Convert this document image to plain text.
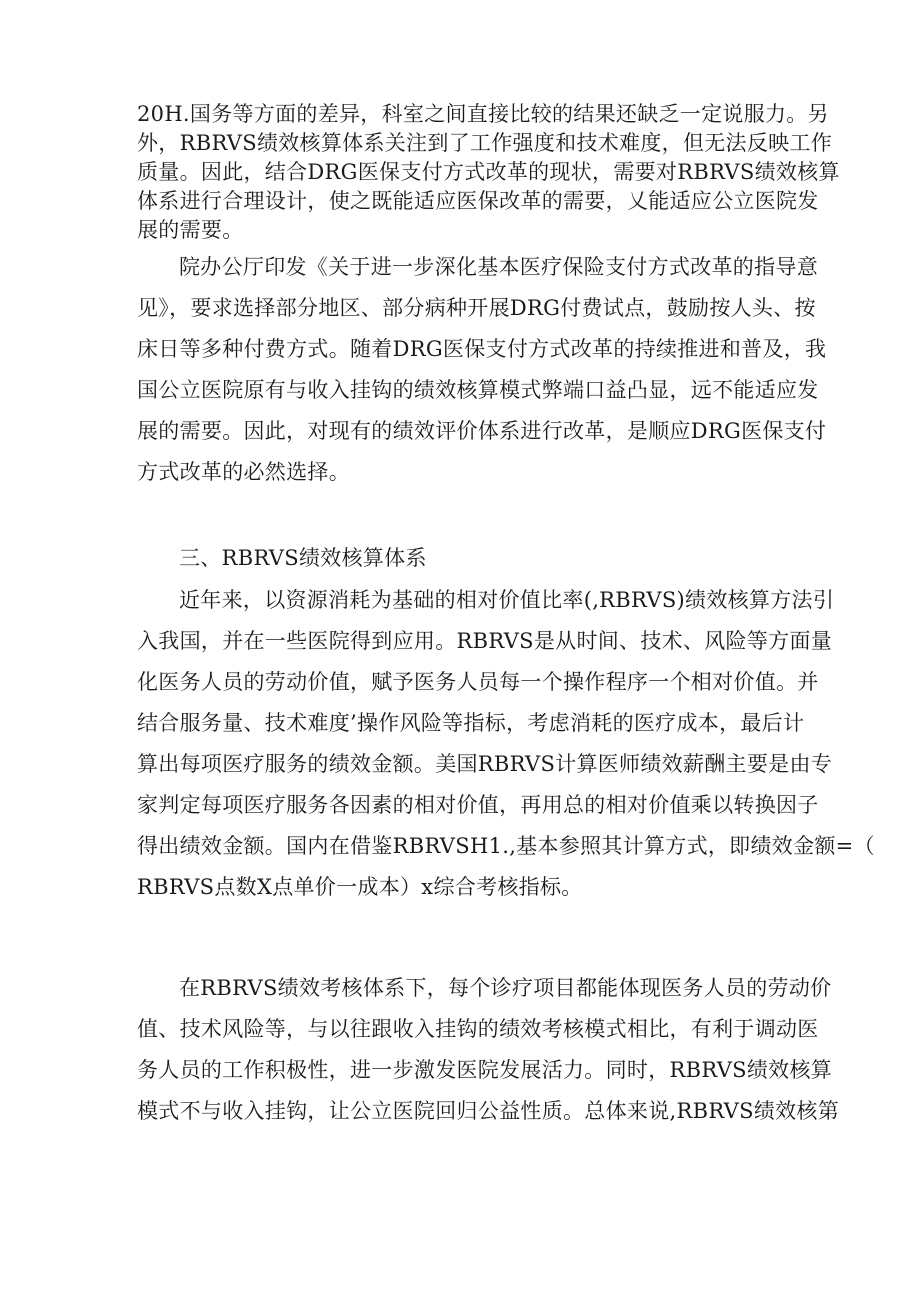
20H.国务等方面的差异，科室之间直接比较的结果还缺乏一定说服力。另
外，RBRVS绩效核算体系关注到了工作强度和技术难度，但无法反映工作
质量。因此，结合DRG医保支付方式改革的现状，需要对RBRVS绩效核算
体系进行合理设计，使之既能适应医保改革的需要，乂能适应公立医院发
展的需要。
院办公厅印发《关于进一步深化基本医疗保险支付方式改革的指导意
见》，要求选择部分地区、部分病种开展DRG付费试点，鼓励按人头、按
床日等多种付费方式。随着DRG医保支付方式改革的持续推进和普及，我
国公立医院原有与收入挂钩的绩效核算模式弊端口益凸显，远不能适应发
展的需要。因此，对现有的绩效评价体系进行改革，是顺应DRG医保支付
方式改革的必然选择。
三、RBRVS绩效核算体系
近年来，以资源消耗为基础的相对价值比率(,RBRVS)绩效核算方法引
入我国，并在一些医院得到应用。RBRVS是从时间、技术、风险等方面量
化医务人员的劳动价值，赋予医务人员每一个操作程序一个相对价值。并
结合服务量、技术难度’操作风险等指标，考虑消耗的医疗成本，最后计
算出每项医疗服务的绩效金额。美国RBRVS计算医师绩效薪酬主要是由专
家判定每项医疗服务各因素的相对价值，再用总的相对价值乘以转换因子
得出绩效金额。国内在借鉴RBRVSH1.,基本参照其计算方式，即绩效金额=（
RBRVS点数X点单价一成本）x综合考核指标。
在RBRVS绩效考核体系下，每个诊疗项目都能体现医务人员的劳动价
值、技术风险等，与以往跟收入挂钩的绩效考核模式相比，有利于调动医
务人员的工作积极性，进一步激发医院发展活力。同时，RBRVS绩效核算
模式不与收入挂钩，让公立医院回归公益性质。总体来说,RBRVS绩效核第
